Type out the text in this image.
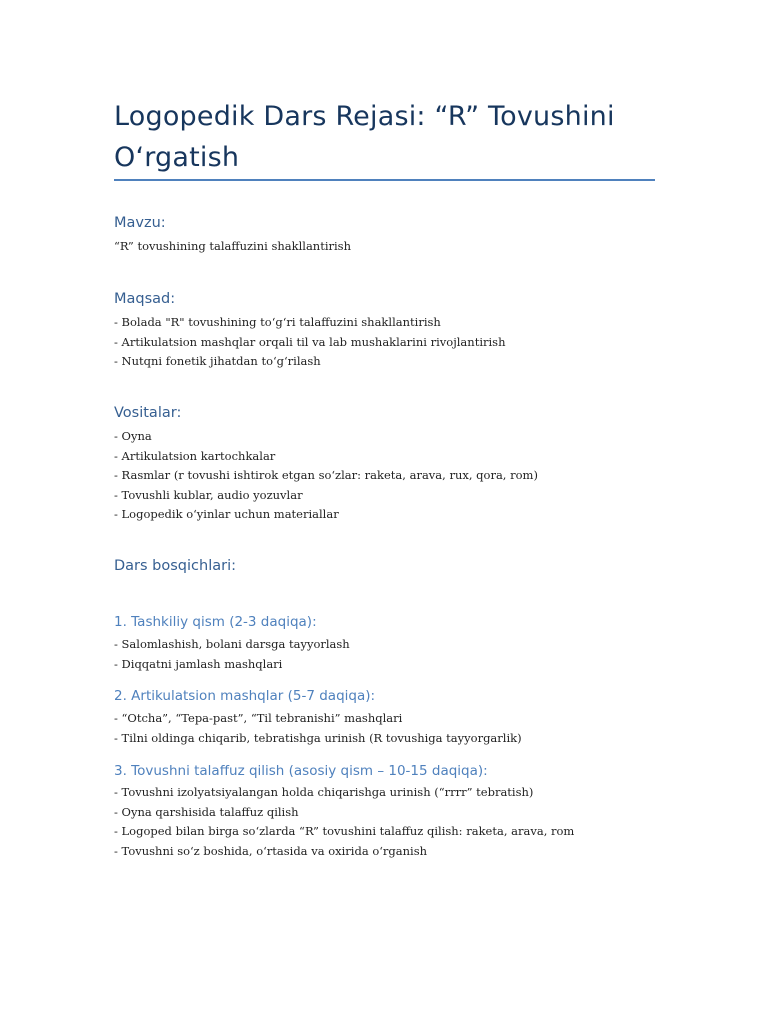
Logopedik Dars Rejasi: “R” Tovushini O‘rgatish
Mavzu:
“R” tovushining talaffuzini shakllantirish
Maqsad:
- Bolada "R" tovushining to‘g‘ri talaffuzini shakllantirish
- Artikulatsion mashqlar orqali til va lab mushaklarini rivojlantirish
- Nutqni fonetik jihatdan to‘g‘rilash
Vositalar:
- Oyna
- Artikulatsion kartochkalar
- Rasmlar (r tovushi ishtirok etgan so‘zlar: raketa, arava, rux, qora, rom)
- Tovushli kublar, audio yozuvlar
- Logopedik o‘yinlar uchun materiallar
Dars bosqichlari:
1. Tashkiliy qism (2-3 daqiqa):
- Salomlashish, bolani darsga tayyorlash
- Diqqatni jamlash mashqlari
2. Artikulatsion mashqlar (5-7 daqiqa):
- “Otcha”, “Tepa-past”, “Til tebranishi” mashqlari
- Tilni oldinga chiqarib, tebratishga urinish (R tovushiga tayyorgarlik)
3. Tovushni talaffuz qilish (asosiy qism – 10-15 daqiqa):
- Tovushni izolyatsiyalangan holda chiqarishga urinish (“rrrr” tebratish)
- Oyna qarshisida talaffuz qilish
- Logoped bilan birga so‘zlarda “R” tovushini talaffuz qilish: raketa, arava, rom
- Tovushni so‘z boshida, o‘rtasida va oxirida o‘rganish
